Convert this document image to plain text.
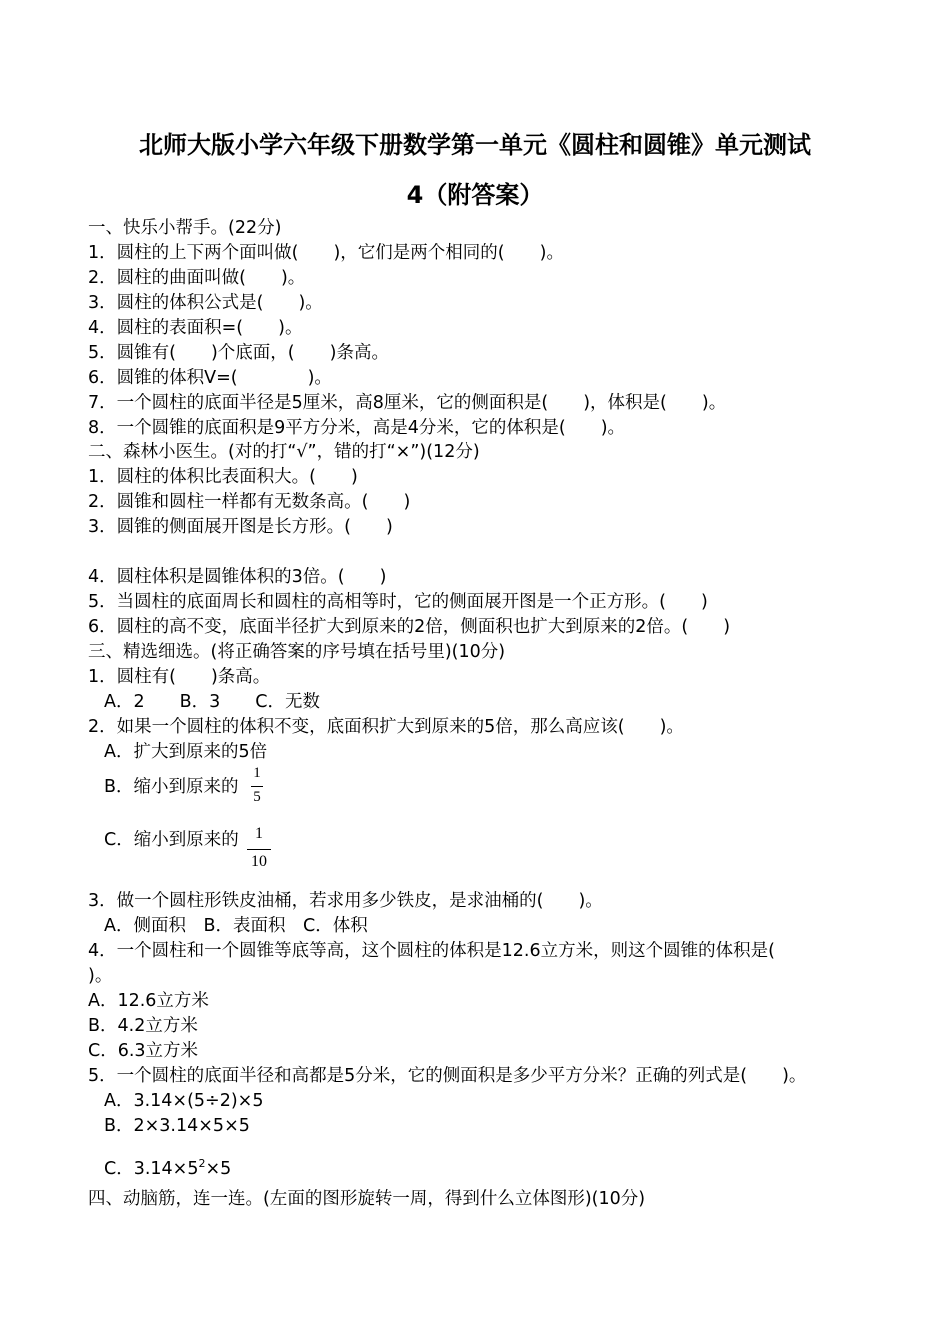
北师大版小学六年级下册数学第一单元《圆柱和圆锥》单元测试
4（附答案）
一、快乐小帮手。(22分)
1．圆柱的上下两个面叫做(　　)，它们是两个相同的(　　)。
2．圆柱的曲面叫做(　　)。
3．圆柱的体积公式是(　　)。
4．圆柱的表面积=(　　)。
5．圆锥有(　　)个底面，(　　)条高。
6．圆锥的体积V=(　　　　)。
7．一个圆柱的底面半径是5厘米，高8厘米，它的侧面积是(　　)，体积是(　　)。
8．一个圆锥的底面积是9平方分米，高是4分米，它的体积是(　　)。
二、森林小医生。(对的打“√”，错的打“×”)(12分)
1．圆柱的体积比表面积大。(　　)
2．圆锥和圆柱一样都有无数条高。(　　)
3．圆锥的侧面展开图是长方形。(　　)
4．圆柱体积是圆锥体积的3倍。(　　)
5．当圆柱的底面周长和圆柱的高相等时，它的侧面展开图是一个正方形。(　　)
6．圆柱的高不变，底面半径扩大到原来的2倍，侧面积也扩大到原来的2倍。(　　)
三、精选细选。(将正确答案的序号填在括号里)(10分)
1．圆柱有(　　)条高。
A．2　　B．3　　C．无数
2．如果一个圆柱的体积不变，底面积扩大到原来的5倍，那么高应该(　　)。
A．扩大到原来的5倍
B．缩小到原来的
1
5
C．缩小到原来的	1
10
3．做一个圆柱形铁皮油桶，若求用多少铁皮，是求油桶的(　　)。
A．侧面积　B．表面积　C．体积
4．一个圆柱和一个圆锥等底等高，这个圆柱的体积是12.6立方米，则这个圆锥的体积是(
)。
A．12.6立方米
B．4.2立方米
C．6.3立方米
5．一个圆柱的底面半径和高都是5分米，它的侧面积是多少平方分米？正确的列式是(　　)。
A．3.14×(5÷2)×5
B．2×3.14×5×5
C．$3.14\times 5^2\times 5$
四、动脑筋，连一连。(左面的图形旋转一周，得到什么立体图形)(10分)
